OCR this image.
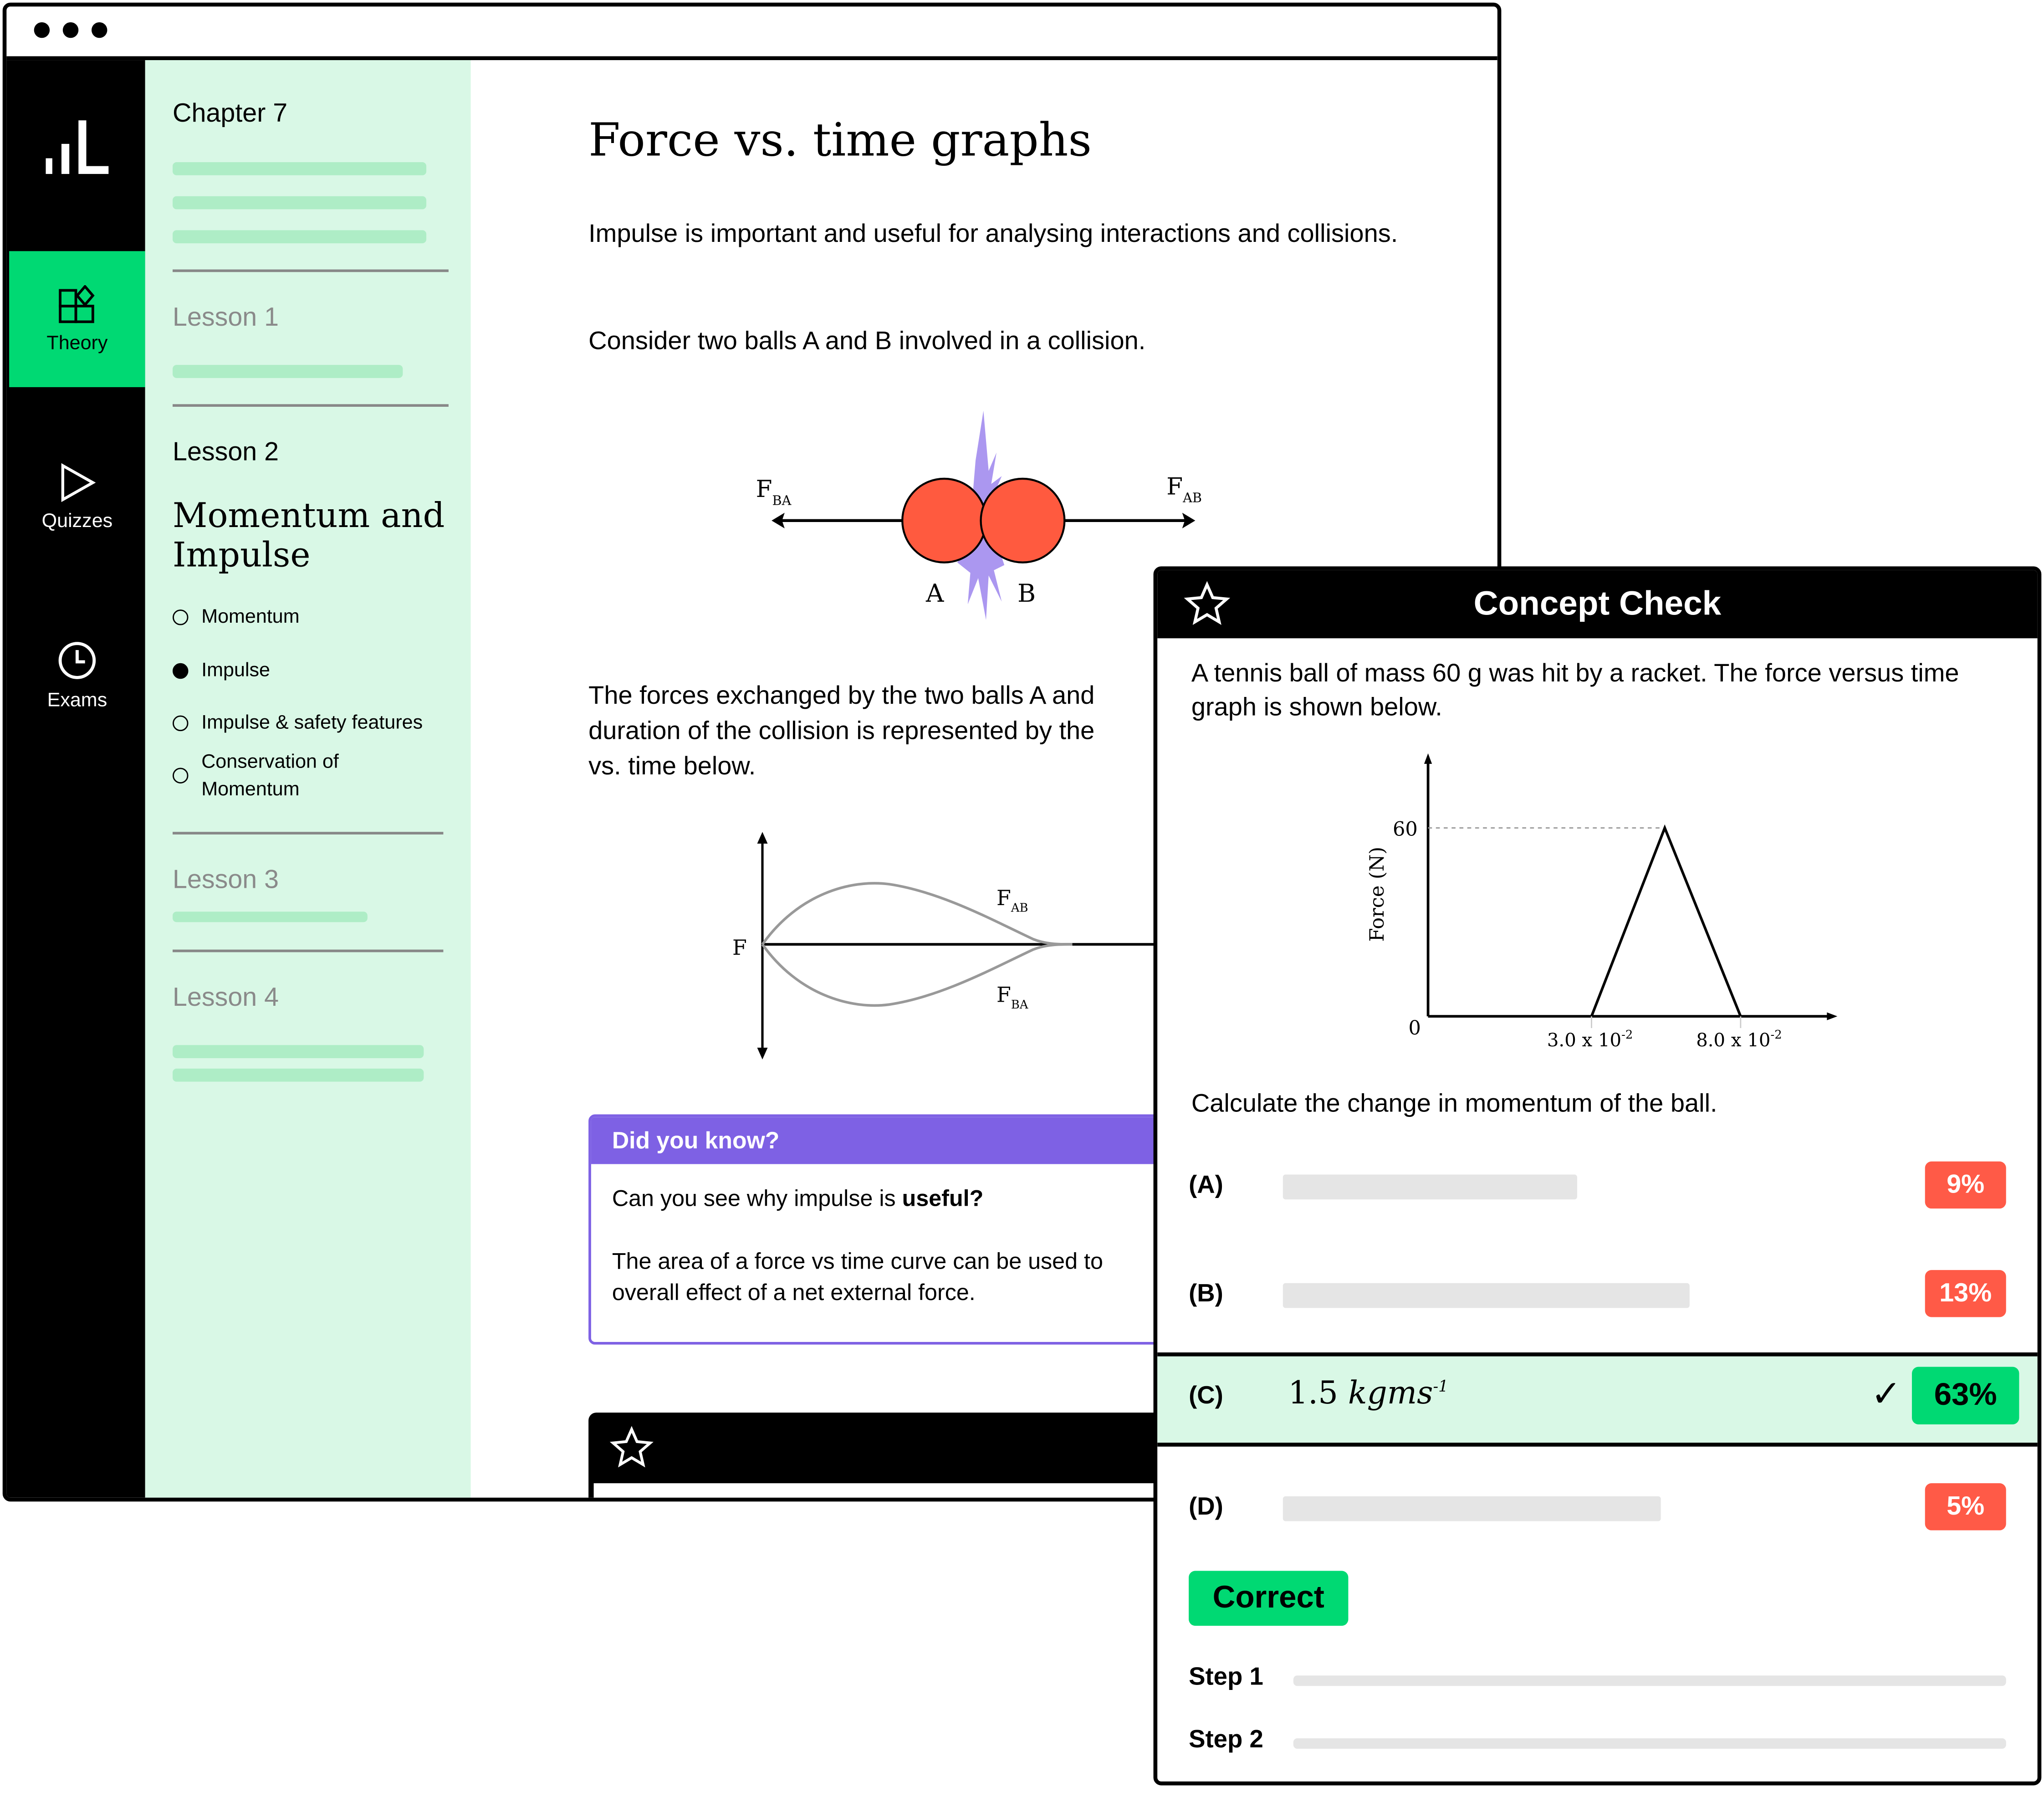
Theory
Quizzes
Exams
Chapter 7
Lesson 1
Lesson 2
Momentum and Impulse
Momentum
Impulse
Impulse & safety features
Conservation of Momentum
Lesson 3
Lesson 4
Force vs. time graphs
Impulse is important and useful for analysing interactions and collisions.
Consider two balls A and B involved in a collision.
$F_{BA}$	$F_{AB}$
A	B
The forces exchanged by the two balls A and
duration of the collision is represented by the
vs. time below.
F
$F_{AB}$
$F_{BA}$
Did you know?
Can you see why impulse is useful?
The area of a force vs time curve can be used to
overall effect of a net external force.
Concept Check
A tennis ball of mass 60 g was hit by a racket. The force versus time graph is shown below.
60
0
Force (N)
3.0 x $10^{-2}$	8.0 x $10^{-2}$
Calculate the change in momentum of the ball.
(A)	9%
(B)	13%
(C)	1.5 kgms$^{-1}$	✓	63%
(D)	5%
Correct
Step 1
Step 2
